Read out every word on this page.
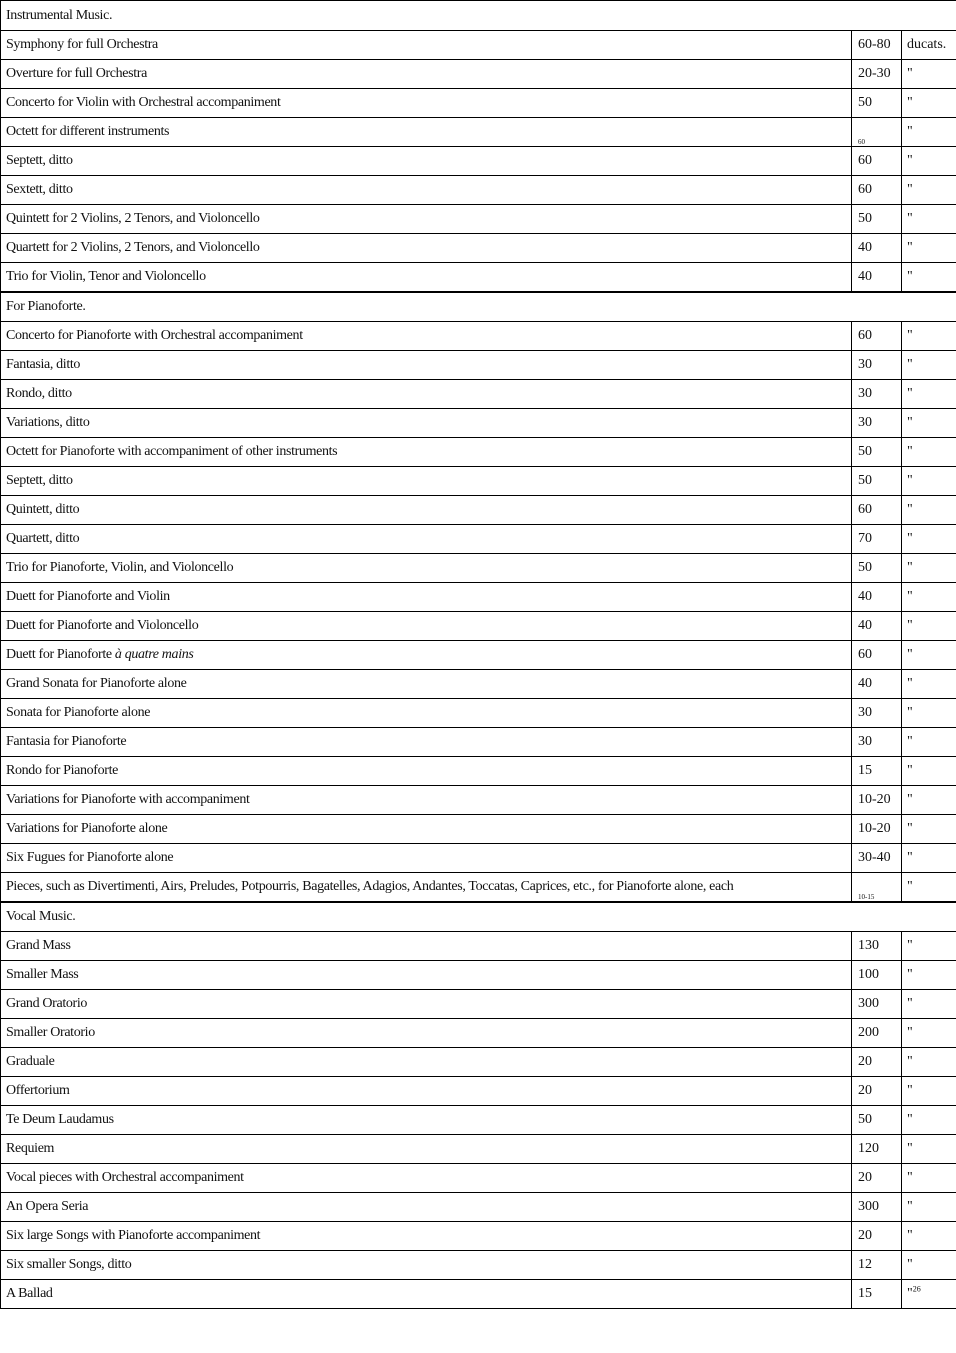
Instrumental Music.		
Symphony for full Orchestra	60-80	ducats.
Overture for full Orchestra	20-30	"
Concerto for Violin with Orchestral accompaniment	50	"
Octett for different instruments	60	"
Septett, ditto	60	"
Sextett, ditto	60	"
Quintett for 2 Violins, 2 Tenors, and Violoncello	50	"
Quartett for 2 Violins, 2 Tenors, and Violoncello	40	"
Trio for Violin, Tenor and Violoncello	40	"
For Pianoforte.		
Concerto for Pianoforte with Orchestral accompaniment	60	"
Fantasia, ditto	30	"
Rondo, ditto	30	"
Variations, ditto	30	"
Octett for Pianoforte with accompaniment of other instruments	50	"
Septett, ditto	50	"
Quintett, ditto	60	"
Quartett, ditto	70	"
Trio for Pianoforte, Violin, and Violoncello	50	"
Duett for Pianoforte and Violin	40	"
Duett for Pianoforte and Violoncello	40	"
Duett for Pianoforte à quatre mains	60	"
Grand Sonata for Pianoforte alone	40	"
Sonata for Pianoforte alone	30	"
Fantasia for Pianoforte	30	"
Rondo for Pianoforte	15	"
Variations for Pianoforte with accompaniment	10-20	"
Variations for Pianoforte alone	10-20	"
Six Fugues for Pianoforte alone	30-40	"
Pieces, such as Divertimenti, Airs, Preludes, Potpourris, Bagatelles, Adagios, Andantes, Toccatas, Caprices, etc., for Pianoforte alone, each	10-15	"
Vocal Music.		
Grand Mass	130	"
Smaller Mass	100	"
Grand Oratorio	300	"
Smaller Oratorio	200	"
Graduale	20	"
Offertorium	20	"
Te Deum Laudamus	50	"
Requiem	120	"
Vocal pieces with Orchestral accompaniment	20	"
An Opera Seria	300	"
Six large Songs with Pianoforte accompaniment	20	"
Six smaller Songs, ditto	12	"
A Ballad	15	"$^{26}$
